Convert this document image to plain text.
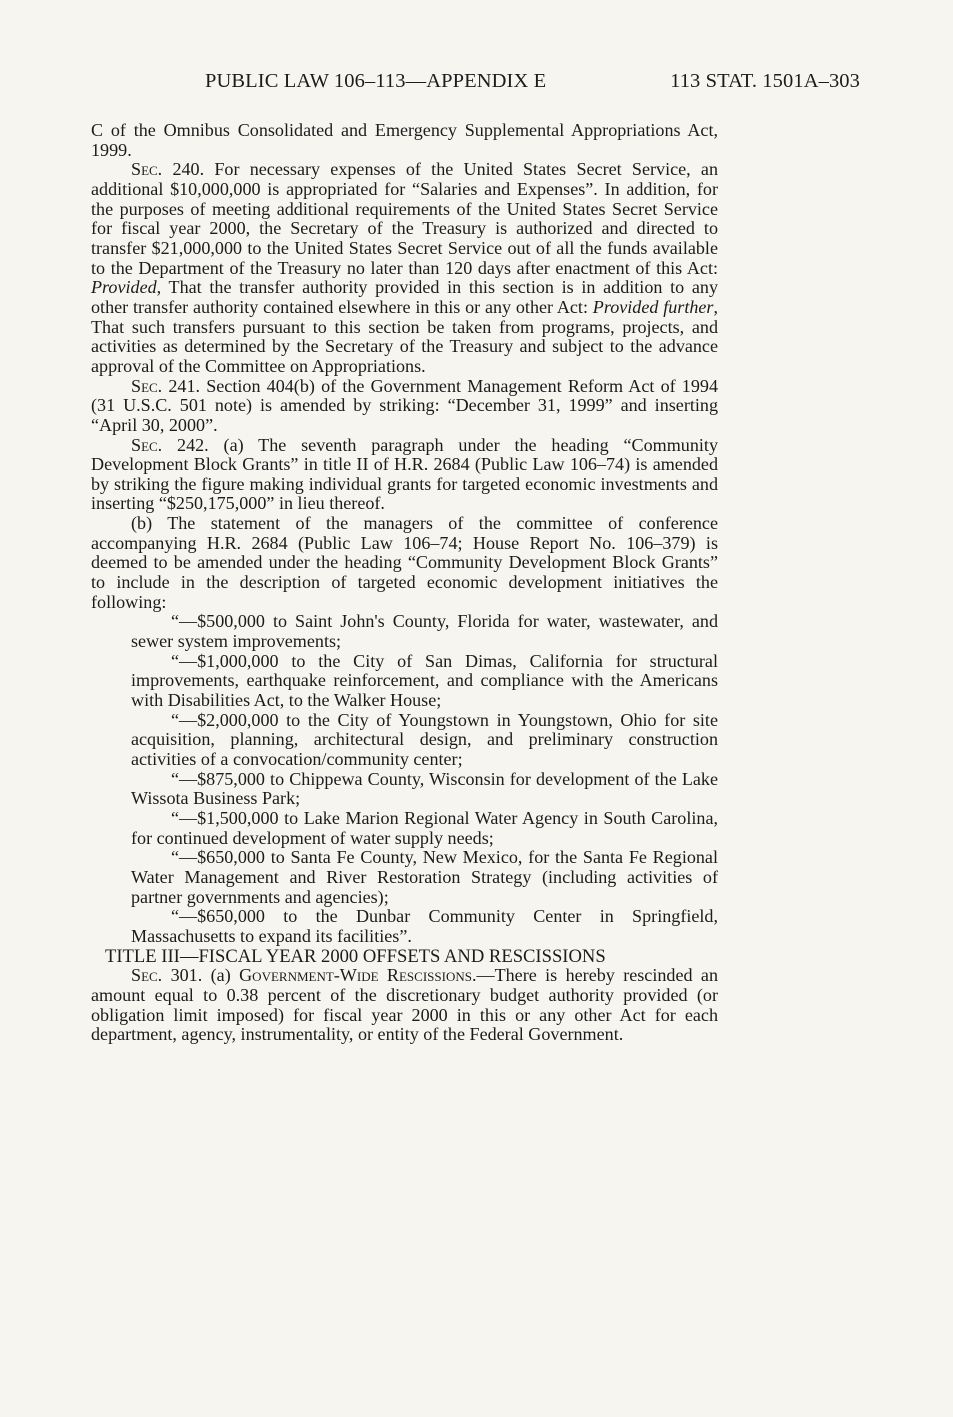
PUBLIC LAW 106–113—APPENDIX E	113 STAT. 1501A–303

C of the Omnibus Consolidated and Emergency Supplemental Appropriations Act, 1999.

Sec. 240. For necessary expenses of the United States Secret Service, an additional $10,000,000 is appropriated for “Salaries and Expenses”. In addition, for the purposes of meeting additional requirements of the United States Secret Service for fiscal year 2000, the Secretary of the Treasury is authorized and directed to transfer $21,000,000 to the United States Secret Service out of all the funds available to the Department of the Treasury no later than 120 days after enactment of this Act: Provided, That the transfer authority provided in this section is in addition to any other transfer authority contained elsewhere in this or any other Act: Provided further, That such transfers pursuant to this section be taken from programs, projects, and activities as determined by the Secretary of the Treasury and subject to the advance approval of the Committee on Appropriations.

Sec. 241. Section 404(b) of the Government Management Reform Act of 1994 (31 U.S.C. 501 note) is amended by striking: “December 31, 1999” and inserting “April 30, 2000”.

Sec. 242. (a) The seventh paragraph under the heading “Community Development Block Grants” in title II of H.R. 2684 (Public Law 106–74) is amended by striking the figure making individual grants for targeted economic investments and inserting “$250,175,000” in lieu thereof.

(b) The statement of the managers of the committee of conference accompanying H.R. 2684 (Public Law 106–74; House Report No. 106–379) is deemed to be amended under the heading “Community Development Block Grants” to include in the description of targeted economic development initiatives the following:

“—$500,000 to Saint John's County, Florida for water, wastewater, and sewer system improvements;

“—$1,000,000 to the City of San Dimas, California for structural improvements, earthquake reinforcement, and compliance with the Americans with Disabilities Act, to the Walker House;

“—$2,000,000 to the City of Youngstown in Youngstown, Ohio for site acquisition, planning, architectural design, and preliminary construction activities of a convocation/community center;

“—$875,000 to Chippewa County, Wisconsin for development of the Lake Wissota Business Park;

“—$1,500,000 to Lake Marion Regional Water Agency in South Carolina, for continued development of water supply needs;

“—$650,000 to Santa Fe County, New Mexico, for the Santa Fe Regional Water Management and River Restoration Strategy (including activities of partner governments and agencies);

“—$650,000 to the Dunbar Community Center in Springfield, Massachusetts to expand its facilities”.

TITLE III—FISCAL YEAR 2000 OFFSETS AND RESCISSIONS

Sec. 301. (a) Government-Wide Rescissions.—There is hereby rescinded an amount equal to 0.38 percent of the discretionary budget authority provided (or obligation limit imposed) for fiscal year 2000 in this or any other Act for each department, agency, instrumentality, or entity of the Federal Government.
